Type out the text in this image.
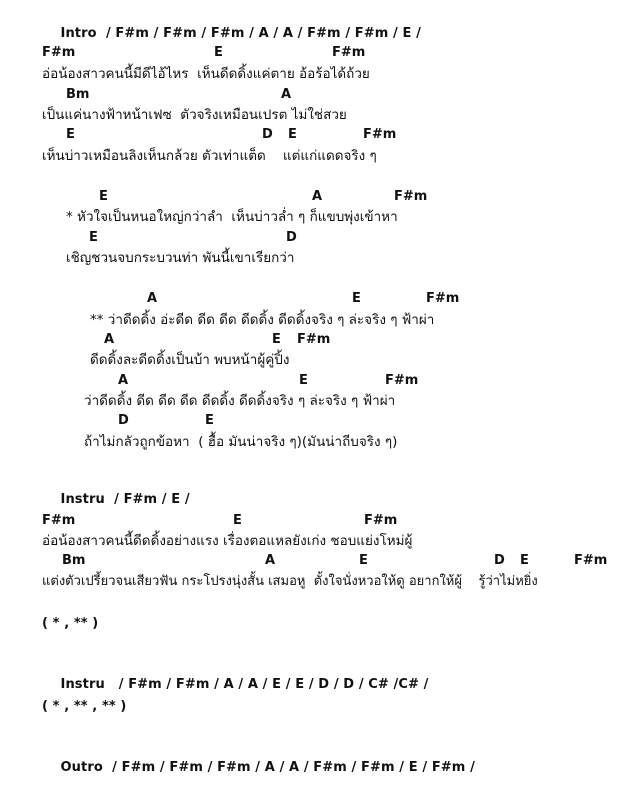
Intro / F#m / F#m / F#m / A / A / F#m / F#m / E /

F#m	E	F#m
อ่อน้องสาวคนนี้มีดีไอ้ไหร  เห็นดีดดิ้งแค่ตาย อ้อร้อได้ถ้วย
Bm	A
เป็นแค่นางฟ้าหน้าเฟซ  ตัวจริงเหมือนเปรต ไม่ใช่สวย
E	D E	F#m
เห็นบ่าวเหมือนลิงเห็นกล้วย ตัวเท่าแต็ด    แต่แก่แดดจริง ๆ
E	A	F#m
* หัวใจเป็นหนอใหญ่กว่าลำ  เห็นบ่าวล่ำ ๆ ก็แขบพุ่งเข้าหา
E	D
เชิญชวนจบกระบวนท่า พันนี้เขาเรียกว่า
A	E	F#m
** ว่าดีดดิ้ง อ่ะดีด ดีด ดีด ดีดดิ้ง ดีดดิ้งจริง ๆ ล่ะจริง ๆ ฟ้าผ่า
A	E F#m
ดีดดิ้งละดีดดิ้งเป็นบ้า พบหน้าผู้คู่ปิ้ง
A	E	F#m
ว่าดีดดิ้ง ดีด ดีด ดีด ดีดดิ้ง ดีดดิ้งจริง ๆ ล่ะจริง ๆ ฟ้าผ่า
D	E
ถ้าไม่กลัวถูกข้อหา  ( ฮื้อ มันน่าจริง ๆ)(มันน่าถีบจริง ๆ)

Instru / F#m / E /

F#m	E	F#m
อ่อน้องสาวคนนี้ดีดดิ้งอย่างแรง เรื่องตอแหลยังเก่ง ชอบแย่งโหม่ผู้
Bm	A	E	D E	F#m
แต่งตัวเปรี้ยวจนเสียวฟัน กระโปรงนุ่งสั้น เสมอหู  ตั้งใจนั่งหวอให้ดู อยากให้ผู้    รู้ว่าไม่หยิ่ง
( * , ** )

Instru / F#m / F#m / A / A / E / E / D / D / C# /C# /

( * , ** , ** )

Outro / F#m / F#m / F#m / A / A / F#m / F#m / E / F#m /
